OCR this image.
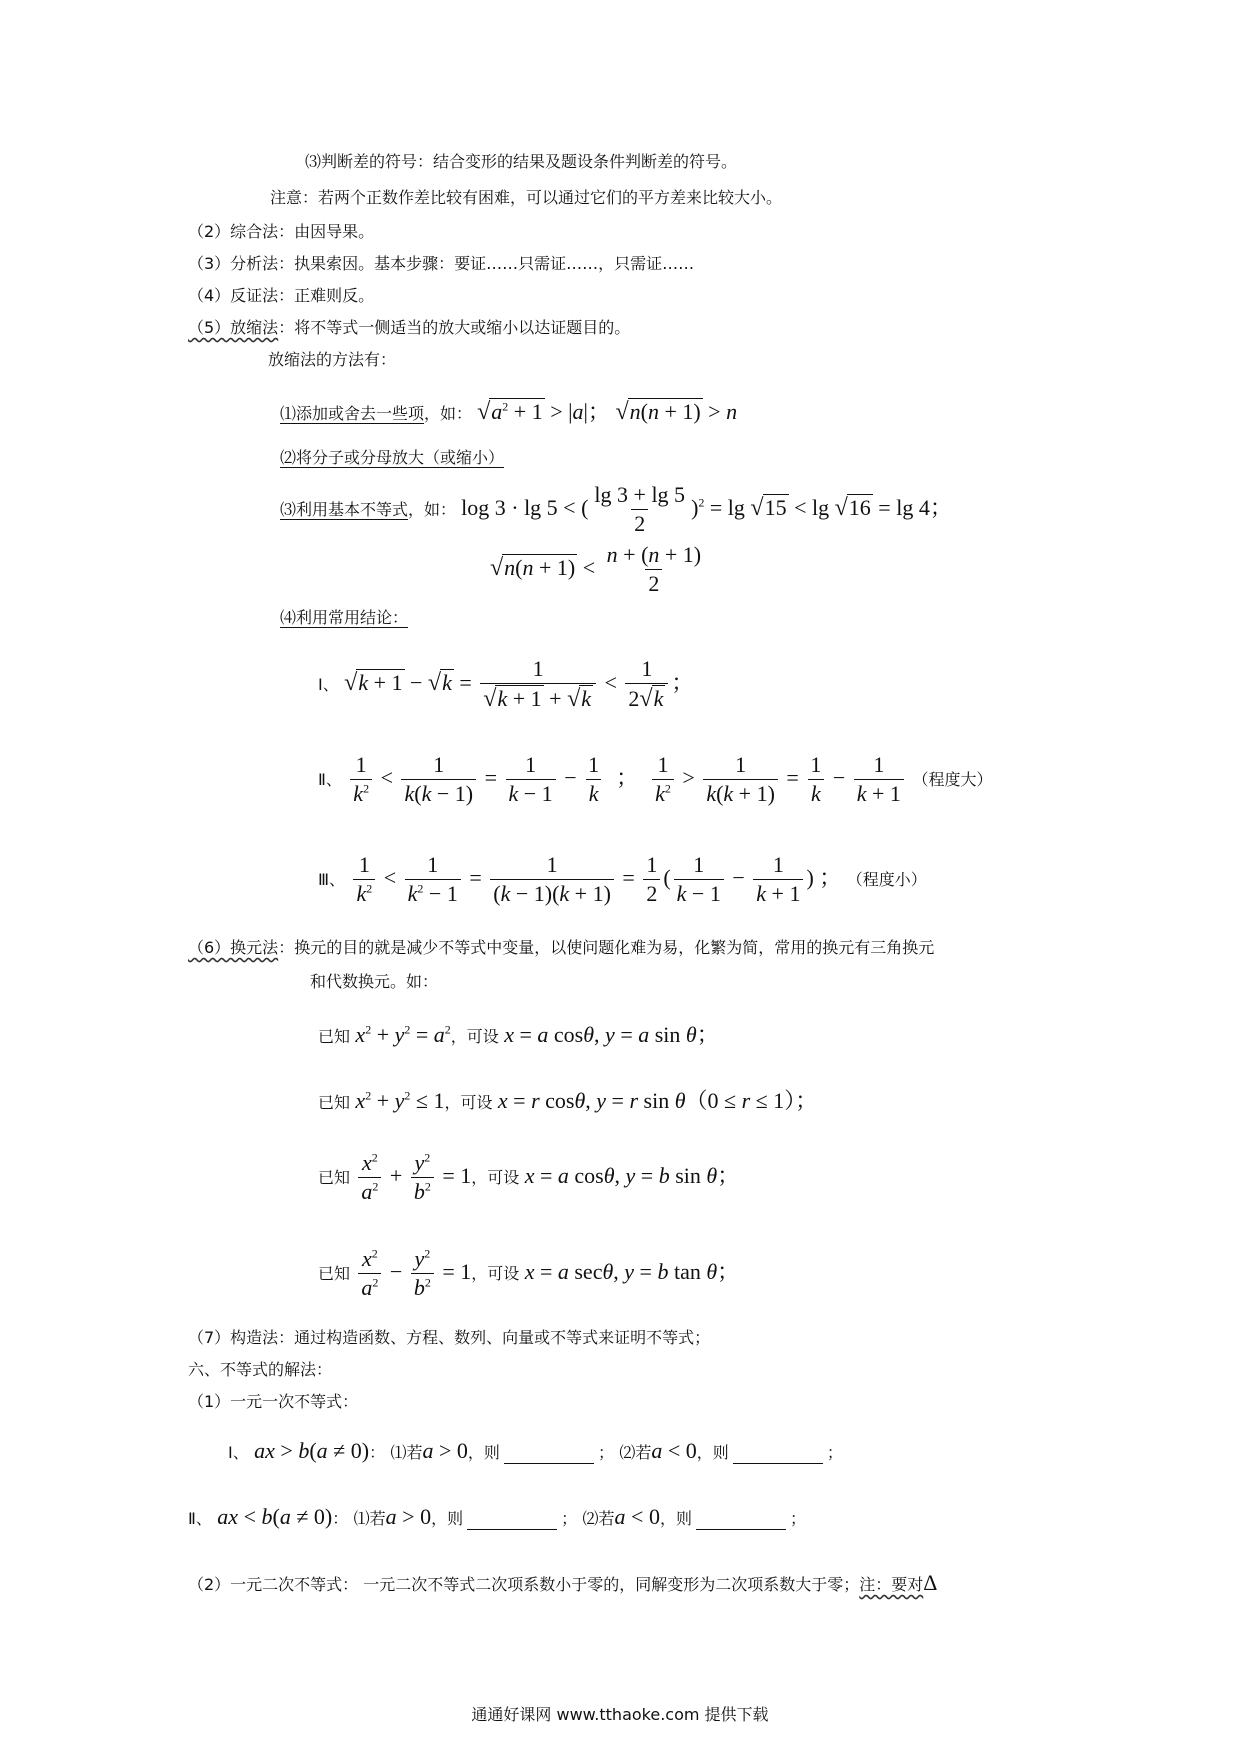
⑶判断差的符号：结合变形的结果及题设条件判断差的符号。
注意：若两个正数作差比较有困难，可以通过它们的平方差来比较大小。
（2）综合法：由因导果。
（3）分析法：执果索因。基本步骤：要证……只需证……，只需证……
（4）反证法：正难则反。
（5）放缩法：将不等式一侧适当的放大或缩小以达证题目的。
放缩法的方法有：
⑴添加或舍去一些项，如： $√a^2 + 1 > |a|$； √n(n + 1) > n
⑵将分子或分母放大（或缩小）
⑶利用基本不等式，如： log 3 · lg 5 < ( $\frac{\lg 3 + \lg 5}{2} )^2 = \lg √15 < \lg √16 = \lg 4$；
$√n(n + 1) < \frac{n + (n + 1)}{2}$
⑷利用常用结论：
Ⅰ、 $√k + 1 - √k = \frac{1}{√k + 1 + √k} < \frac{1}{2√k}$ ；
Ⅱ、 $\frac{1}{k^2} < \frac{1}{k(k - 1)} = \frac{1}{k - 1} - \frac{1}{k}$ ； $\frac{1}{k^2} > \frac{1}{k(k + 1)} = \frac{1}{k} - \frac{1}{k + 1}$ （程度大）
Ⅲ、 $\frac{1}{k^2} < \frac{1}{k^2 - 1} = \frac{1}{(k - 1)(k + 1)} = \frac{1}{2}$ ( $\frac{1}{k - 1} - \frac{1}{k + 1}$ ) ； （程度小）
（6）换元法：换元的目的就是减少不等式中变量，以使问题化难为易，化繁为简，常用的换元有三角换元
和代数换元。如：
已知 $x^2 + y^2 = a^2$，可设 x = a cosθ, y = a sin θ；
已知 $x^2 + y^2 \le 1$，可设 x = r cosθ, y = r sin θ（0 ≤ r ≤ 1）；
已知 $\frac{x^2}{a^2} + \frac{y^2}{b^2} = 1$，可设 x = a cosθ, y = b sin θ；
已知 $\frac{x^2}{a^2} - \frac{y^2}{b^2} = 1$，可设 x = a secθ, y = b tan θ；
（7）构造法：通过构造函数、方程、数列、向量或不等式来证明不等式；
六、不等式的解法：
（1）一元一次不等式：
Ⅰ、 ax > b(a ≠ 0)： ⑴若a > 0，则	； ⑵若a < 0，则	；
Ⅱ、 ax < b(a ≠ 0)： ⑴若a > 0，则	； ⑵若a < 0，则	；
（2）一元二次不等式： 一元二次不等式二次项系数小于零的，同解变形为二次项系数大于零；注：要对Δ
通通好课网 www.tthaoke.com 提供下载
